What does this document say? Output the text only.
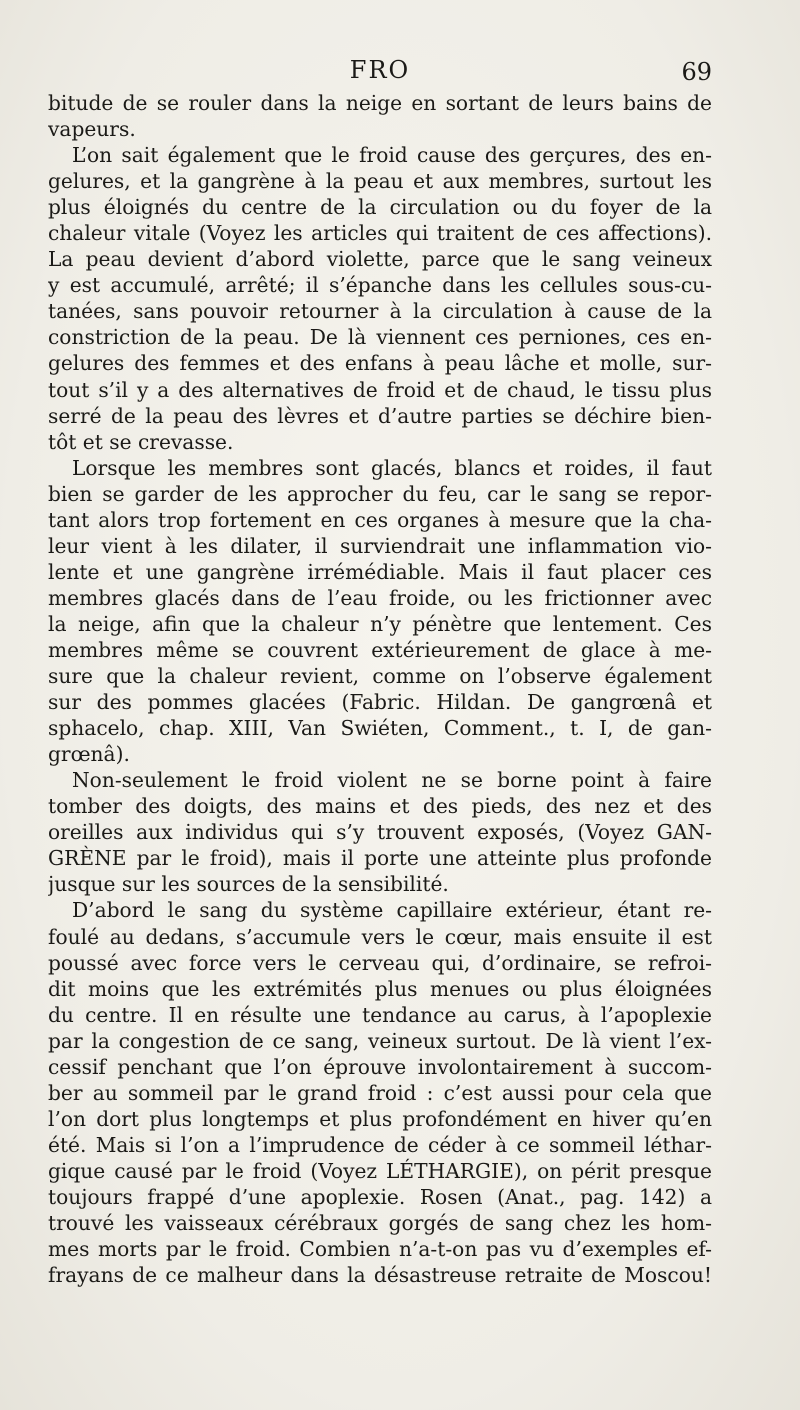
FRO	69
bitude de se rouler dans la neige en sortant de leurs bains de
vapeurs.
L’on sait également que le froid cause des gerçures, des en-
gelures, et la gangrène à la peau et aux membres, surtout les
plus éloignés du centre de la circulation ou du foyer de la
chaleur vitale (Voyez les articles qui traitent de ces affections).
La peau devient d’abord violette, parce que le sang veineux
y est accumulé, arrêté; il s’épanche dans les cellules sous-cu-
tanées, sans pouvoir retourner à la circulation à cause de la
constriction de la peau. De là viennent ces perniones, ces en-
gelures des femmes et des enfans à peau lâche et molle, sur-
tout s’il y a des alternatives de froid et de chaud, le tissu plus
serré de la peau des lèvres et d’autre parties se déchire bien-
tôt et se crevasse.
Lorsque les membres sont glacés, blancs et roides, il faut
bien se garder de les approcher du feu, car le sang se repor-
tant alors trop fortement en ces organes à mesure que la cha-
leur vient à les dilater, il surviendrait une inflammation vio-
lente et une gangrène irrémédiable. Mais il faut placer ces
membres glacés dans de l’eau froide, ou les frictionner avec
la neige, afin que la chaleur n’y pénètre que lentement. Ces
membres même se couvrent extérieurement de glace à me-
sure que la chaleur revient, comme on l’observe également
sur des pommes glacées (Fabric. Hildan. De gangrœnâ et
sphacelo, chap. XIII, Van Swiéten, Comment., t. I, de gan-
grœnâ).
Non-seulement le froid violent ne se borne point à faire
tomber des doigts, des mains et des pieds, des nez et des
oreilles aux individus qui s’y trouvent exposés, (Voyez GAN-
GRÈNE par le froid), mais il porte une atteinte plus profonde
jusque sur les sources de la sensibilité.
D’abord le sang du système capillaire extérieur, étant re-
foulé au dedans, s’accumule vers le cœur, mais ensuite il est
poussé avec force vers le cerveau qui, d’ordinaire, se refroi-
dit moins que les extrémités plus menues ou plus éloignées
du centre. Il en résulte une tendance au carus, à l’apoplexie
par la congestion de ce sang, veineux surtout. De là vient l’ex-
cessif penchant que l’on éprouve involontairement à succom-
ber au sommeil par le grand froid : c’est aussi pour cela que
l’on dort plus longtemps et plus profondément en hiver qu’en
été. Mais si l’on a l’imprudence de céder à ce sommeil léthar-
gique causé par le froid (Voyez LÉTHARGIE), on périt presque
toujours frappé d’une apoplexie. Rosen (Anat., pag. 142) a
trouvé les vaisseaux cérébraux gorgés de sang chez les hom-
mes morts par le froid. Combien n’a-t-on pas vu d’exemples ef-
frayans de ce malheur dans la désastreuse retraite de Moscou!
